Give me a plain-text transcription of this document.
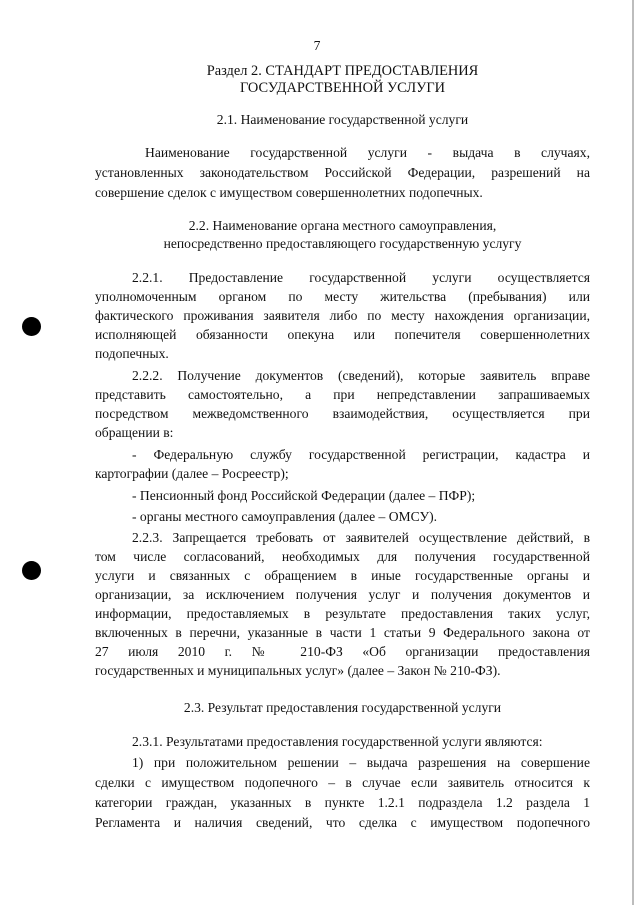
7
Раздел 2. СТАНДАРТ ПРЕДОСТАВЛЕНИЯ
ГОСУДАРСТВЕННОЙ УСЛУГИ
2.1. Наименование государственной услуги
Наименование государственной услуги - выдача в случаях,
установленных законодательством Российской Федерации, разрешений на
совершение сделок с имуществом совершеннолетних подопечных.
2.2. Наименование органа местного самоуправления,
непосредственно предоставляющего государственную услугу
2.2.1. Предоставление государственной услуги осуществляется
уполномоченным органом по месту жительства (пребывания) или
фактического проживания заявителя либо по месту нахождения организации,
исполняющей обязанности опекуна или попечителя совершеннолетних
подопечных.
2.2.2. Получение документов (сведений), которые заявитель вправе
представить самостоятельно, а при непредставлении запрашиваемых
посредством межведомственного взаимодействия, осуществляется при
обращении в:
- Федеральную службу государственной регистрации, кадастра и
картографии (далее – Росреестр);
- Пенсионный фонд Российской Федерации (далее – ПФР);
- органы местного самоуправления (далее – ОМСУ).
2.2.3. Запрещается требовать от заявителей осуществление действий, в
том числе согласований, необходимых для получения государственной
услуги и связанных с обращением в иные государственные органы и
организации, за исключением получения услуг и получения документов и
информации, предоставляемых в результате предоставления таких услуг,
включенных в перечни, указанные в части 1 статьи 9 Федерального закона от
27 июля 2010 г. № 210-ФЗ «Об организации предоставления
государственных и муниципальных услуг» (далее – Закон № 210-ФЗ).
2.3. Результат предоставления государственной услуги
2.3.1. Результатами предоставления государственной услуги являются:
1) при положительном решении – выдача разрешения на совершение
сделки с имуществом подопечного – в случае если заявитель относится к
категории граждан, указанных в пункте 1.2.1 подраздела 1.2 раздела 1
Регламента и наличия сведений, что сделка с имуществом подопечного
